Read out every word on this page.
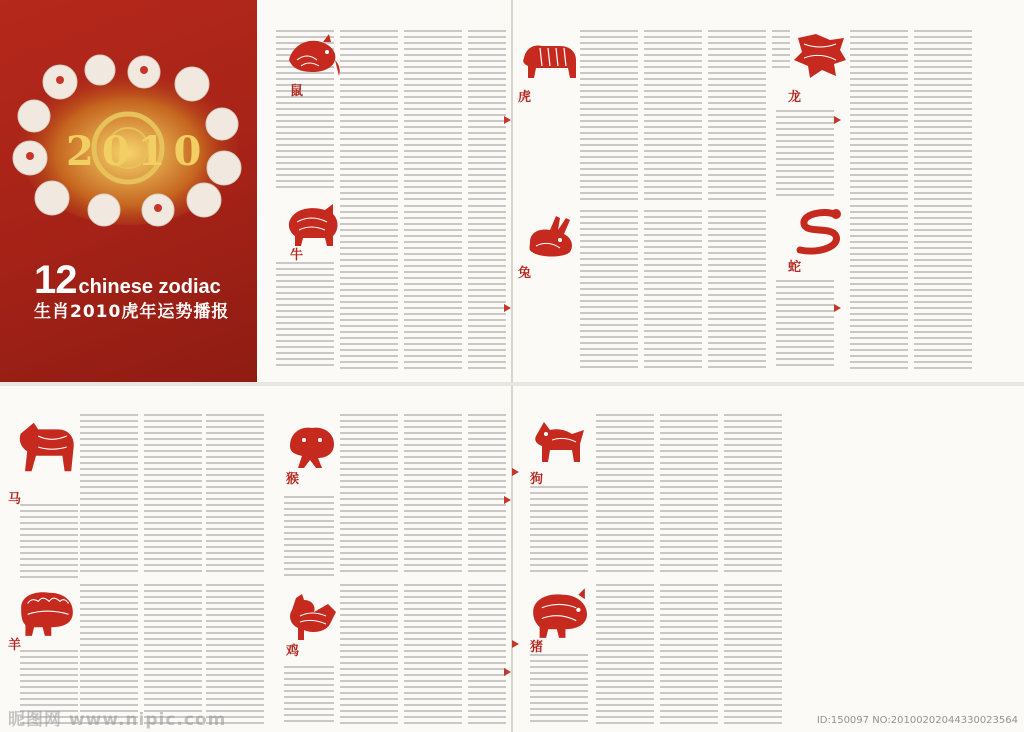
12 chinese zodiac
生肖2010虎年运势播报
2010
鼠
牛
虎	龙
兔	蛇
马
羊
猴
鸡
狗
猪
昵图网 www.nipic.com	ID:150097 NO:20100202044330023564
